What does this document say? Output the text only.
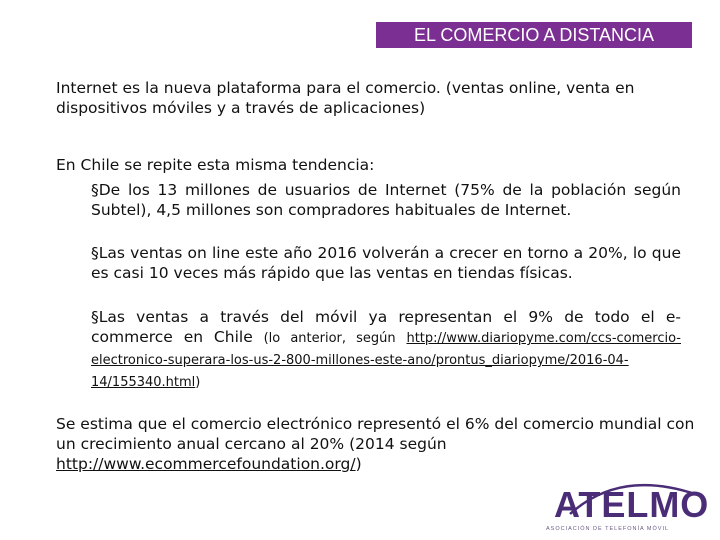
EL COMERCIO A DISTANCIA

Internet es la nueva plataforma para el comercio. (ventas online, venta en dispositivos móviles y a través de aplicaciones)

En Chile se repite esta misma tendencia:

§De los 13 millones de usuarios de Internet (75% de la población según Subtel), 4,5 millones son compradores habituales de Internet.
§Las ventas on line este año 2016 volverán a crecer en torno a 20%, lo que es casi 10 veces más rápido que las ventas en tiendas físicas.
§Las ventas a través del móvil ya representan el 9% de todo el e-commerce en Chile (lo anterior, según http://www.diariopyme.com/ccs-comercio-electronico-superara-los-us-2-800-millones-este-ano/prontus_diariopyme/2016-04-14/155340.html)

Se estima que el comercio electrónico representó el 6% del comercio mundial con un crecimiento anual cercano al 20% (2014 según http://www.ecommercefoundation.org/)

ATELMO
ASOCIACIÓN DE TELEFONÍA MÓVIL
